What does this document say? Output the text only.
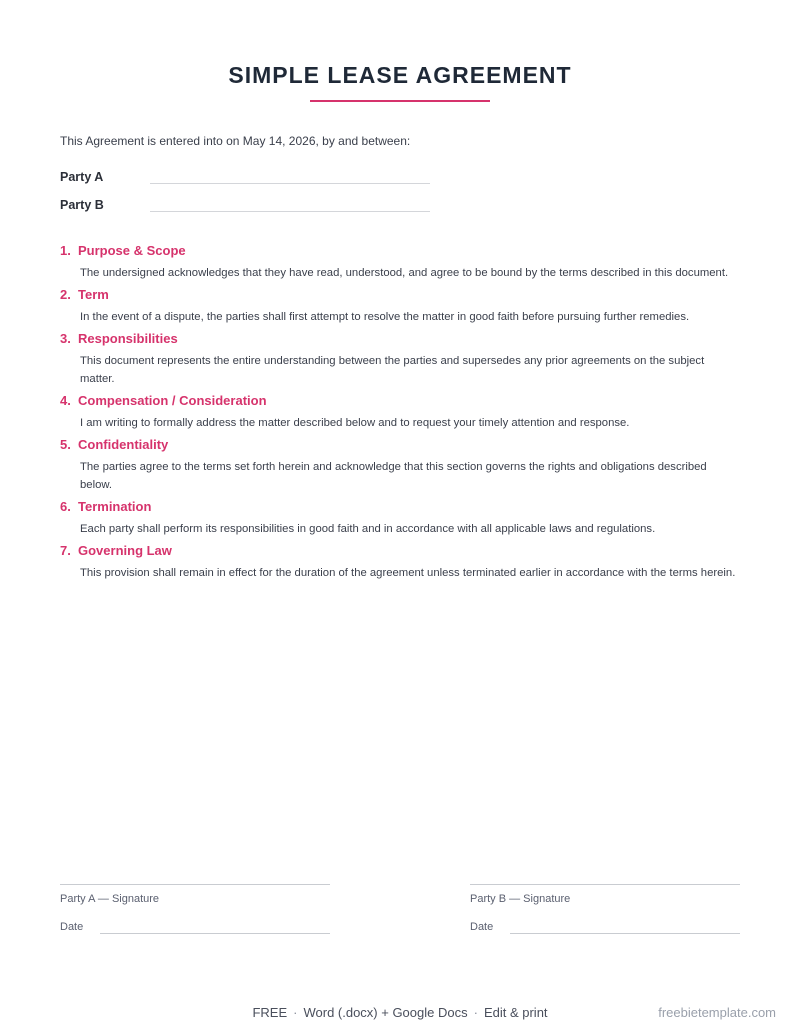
SIMPLE LEASE AGREEMENT
This Agreement is entered into on May 14, 2026, by and between:
Party A
Party B

1. Purpose & Scope

The undersigned acknowledges that they have read, understood, and agree to be bound by the terms described in this document.

2. Term

In the event of a dispute, the parties shall first attempt to resolve the matter in good faith before pursuing further remedies.

3. Responsibilities

This document represents the entire understanding between the parties and supersedes any prior agreements on the subject matter.

4. Compensation / Consideration

I am writing to formally address the matter described below and to request your timely attention and response.

5. Confidentiality

The parties agree to the terms set forth herein and acknowledge that this section governs the rights and obligations described below.

6. Termination

Each party shall perform its responsibilities in good faith and in accordance with all applicable laws and regulations.

7. Governing Law

This provision shall remain in effect for the duration of the agreement unless terminated earlier in accordance with the terms herein.

Party A — Signature
Date
Party B — Signature
Date
FREE · Word (.docx) + Google Docs · Edit & print	freebietemplate.com
